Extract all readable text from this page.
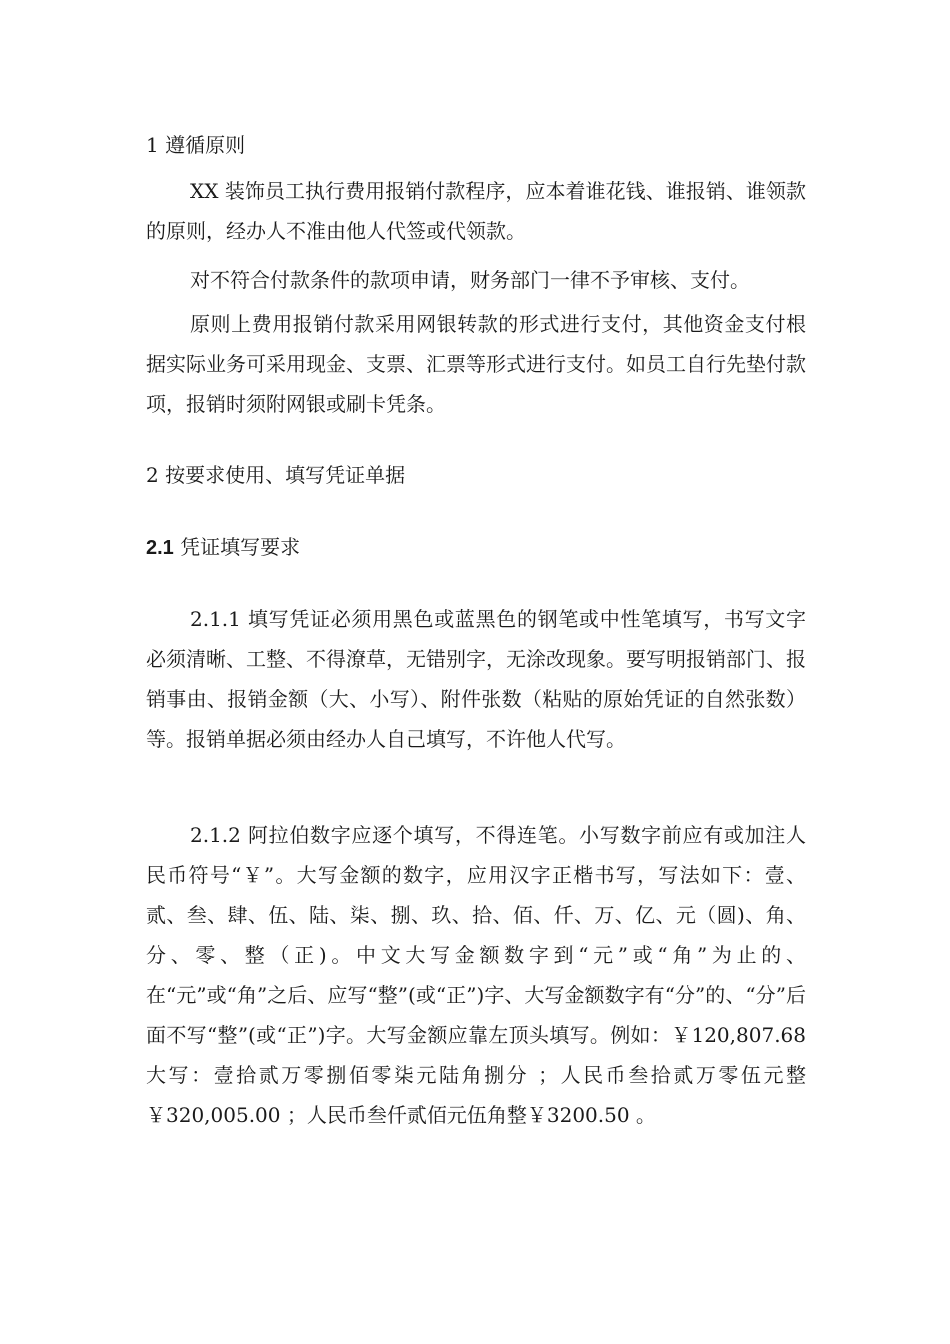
1 遵循原则

XX 装饰员工执行费用报销付款程序，应本着谁花钱、谁报销、谁领款的原则，经办人不准由他人代签或代领款。

对不符合付款条件的款项申请，财务部门一律不予审核、支付。

原则上费用报销付款采用网银转款的形式进行支付，其他资金支付根据实际业务可采用现金、支票、汇票等形式进行支付。如员工自行先垫付款项，报销时须附网银或刷卡凭条。

2 按要求使用、填写凭证单据

2.1 凭证填写要求

2.1.1 填写凭证必须用黑色或蓝黑色的钢笔或中性笔填写，书写文字必须清晰、工整、不得潦草，无错别字，无涂改现象。要写明报销部门、报销事由、报销金额（大、小写）、附件张数（粘贴的原始凭证的自然张数）等。报销单据必须由经办人自己填写，不许他人代写。

2.1.2 阿拉伯数字应逐个填写，不得连笔。小写数字前应有或加注人民币符号“￥”。大写金额的数字，应用汉字正楷书写，写法如下：壹、贰、叁、肆、伍、陆、柒、捌、玖、拾、佰、仟、万、亿、元（圆)、角、分、零、整（正)。中文大写金额数字到“元”或“角”为止的、在“元”或“角”之后、应写“整”(或“正”)字、大写金额数字有“分”的、“分”后面不写“整”(或“正”)字。大写金额应靠左顶头填写。例如：￥120,807.68 大写：壹拾贰万零捌佰零柒元陆角捌分 ；人民币叁拾贰万零伍元整￥320,005.00 ；人民币叁仟贰佰元伍角整￥3200.50 。
